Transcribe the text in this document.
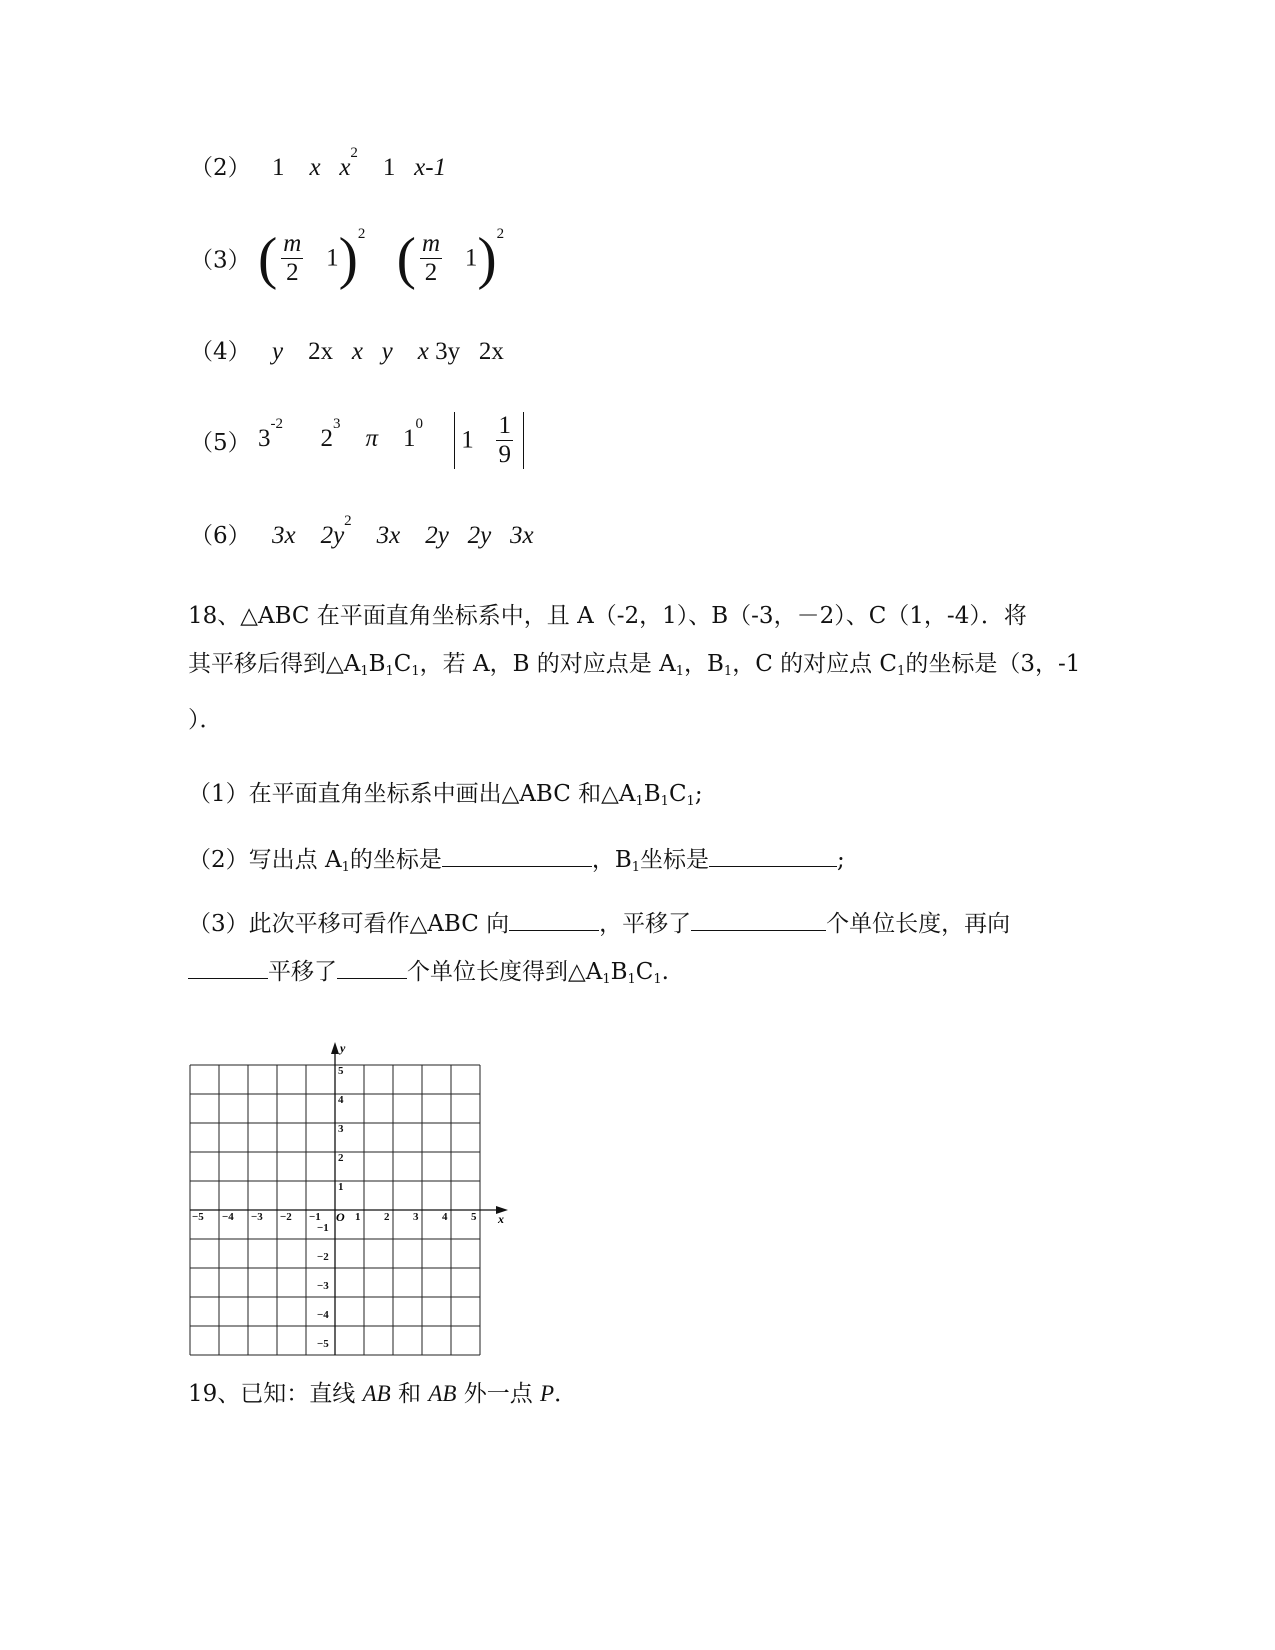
（2） 1 x $x^2$    1 x-1
（3） ( $\frac{m}{2} 1)^2$ ( $\frac{m}{2} 1)^2$
（4） y 2x x y x 3y 2x
（5） $3^{-2}$      $2^3$    π $1^0$     $1 \frac{1}{9}$
（6） 3x $2y^2$    3x 2y 2y 3x
18、△ABC 在平面直角坐标系中，且 A（-2，1）、B（-3，－2）、C（1，-4）．将
其平移后得到$\triangle A_1B_1C_1$，若 A，B 的对应点是 $A_1$，$B_1$，C 的对应点 $C_1$的坐标是（3，-1
）．
（1）在平面直角坐标系中画出△ABC 和$\triangle A_1B_1C_1$;
（2）写出点 $A_1$的坐标是	，$B_1$坐标是	;
（3）此次平移可看作△ABC 向	，平移了	个单位长度，再向
平移了	个单位长度得到$\triangle A_1B_1C_1$.
x
y
O
−5 −4 −3 −2 −1	1 2 3 4 5
5
4
3
2
1
−1
−2
−3
−4
−5
19、已知：直线 AB 和 AB 外一点 P．
